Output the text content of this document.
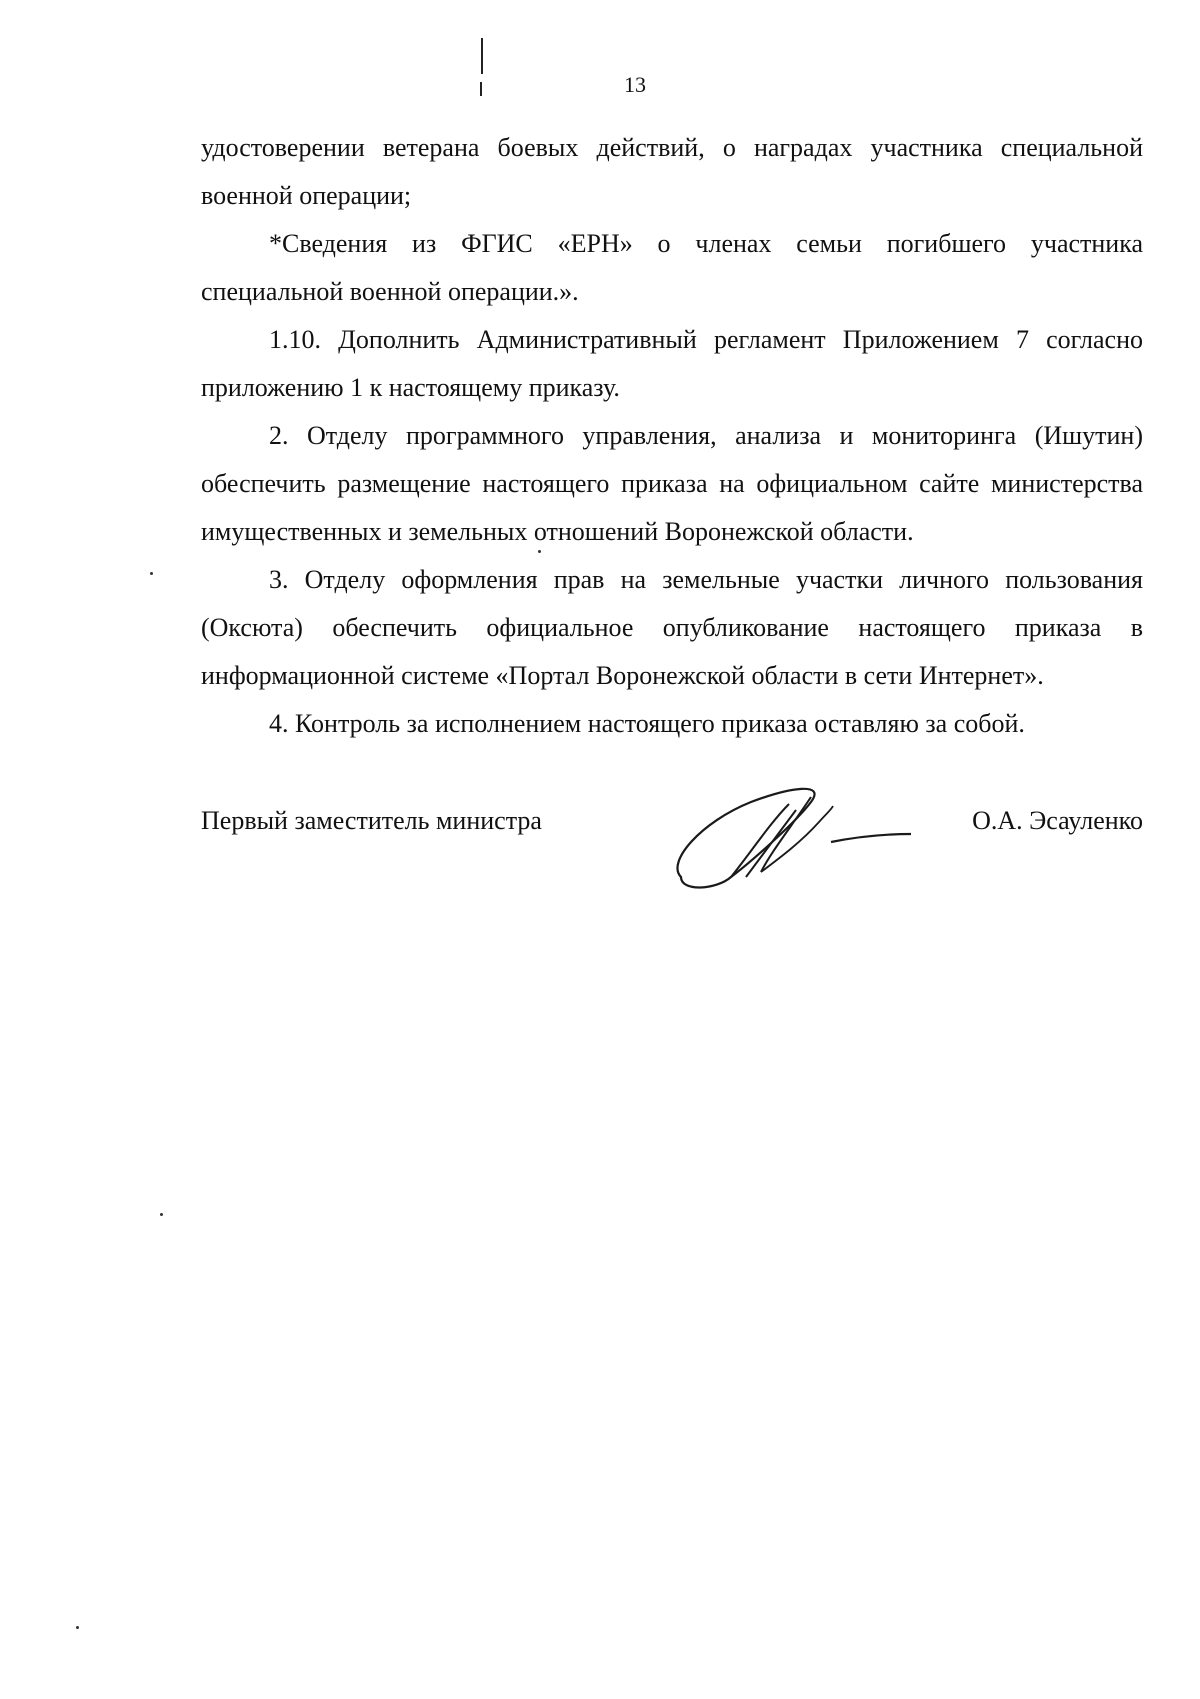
13

удостоверении ветерана боевых действий, о наградах участника специальной военной операции;

*Сведения из ФГИС «ЕРН» о членах семьи погибшего участника специальной военной операции.».

1.10. Дополнить Административный регламент Приложением 7 согласно приложению 1 к настоящему приказу.

2. Отделу программного управления, анализа и мониторинга (Ишутин) обеспечить размещение настоящего приказа на официальном сайте министерства имущественных и земельных отношений Воронежской области.

3. Отделу оформления прав на земельные участки личного пользования (Оксюта) обеспечить официальное опубликование настоящего приказа в информационной системе «Портал Воронежской области в сети Интернет».

4. Контроль за исполнением настоящего приказа оставляю за собой.

Первый заместитель министра	О.А. Эсауленко
